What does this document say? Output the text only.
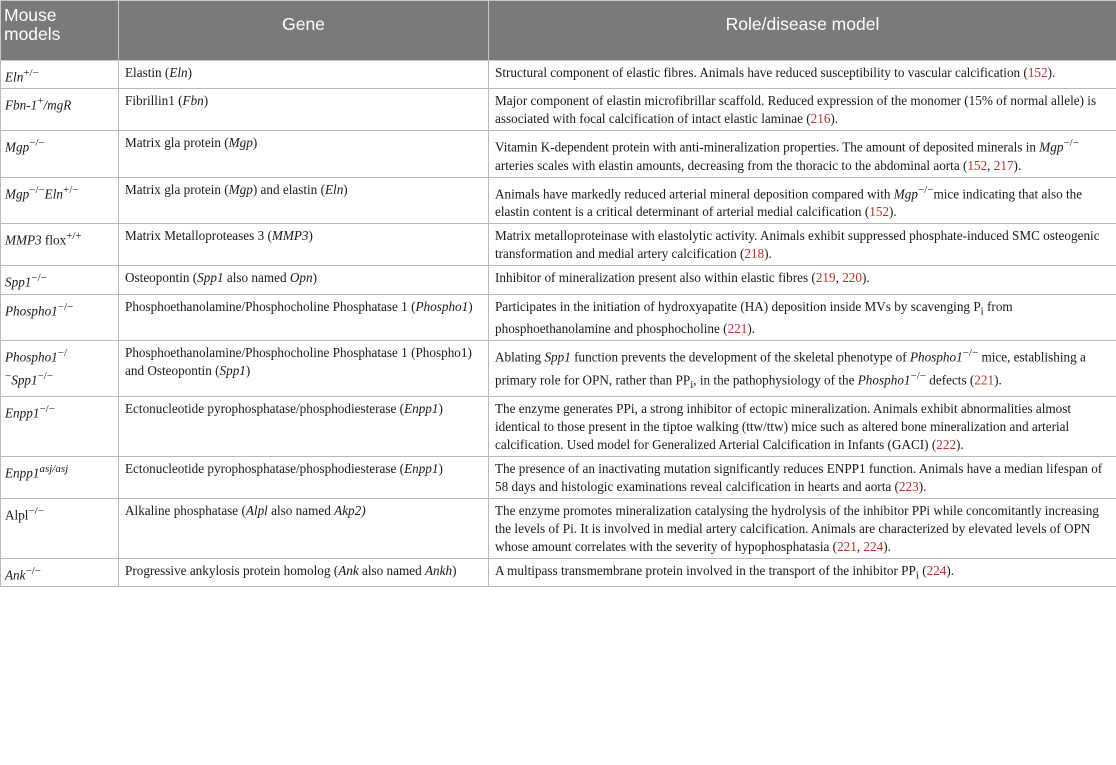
Mouse models	Gene	Role/disease model

Eln+/−	Elastin (Eln)	Structural component of elastic fibres. Animals have reduced susceptibility to vascular calcification (152).
Fbn-1+/mgR	Fibrillin1 (Fbn)	Major component of elastin microfibrillar scaffold. Reduced expression of the monomer (15% of normal allele) is associated with focal calcification of intact elastic laminae (216).
Mgp−/−	Matrix gla protein (Mgp)	Vitamin K-dependent protein with anti-mineralization properties. The amount of deposited minerals in Mgp−/− arteries scales with elastin amounts, decreasing from the thoracic to the abdominal aorta (152, 217).
Mgp−/−Eln+/−	Matrix gla protein (Mgp) and elastin (Eln)	Animals have markedly reduced arterial mineral deposition compared with Mgp−/−mice indicating that also the elastin content is a critical determinant of arterial medial calcification (152).
MMP3 flox+/+	Matrix Metalloproteases 3 (MMP3)	Matrix metalloproteinase with elastolytic activity. Animals exhibit suppressed phosphate-induced SMC osteogenic transformation and medial artery calcification (218).
Spp1−/−	Osteopontin (Spp1 also named Opn)	Inhibitor of mineralization present also within elastic fibres (219, 220).
Phospho1−/−	Phosphoethanolamine/Phosphocholine Phosphatase 1 (Phospho1)	Participates in the initiation of hydroxyapatite (HA) deposition inside MVs by scavenging $P_i$ from phosphoethanolamine and phosphocholine (221).
Phospho1−/
−Spp1−/−	Phosphoethanolamine/Phosphocholine Phosphatase 1 (Phospho1) and Osteopontin (Spp1)	Ablating Spp1 function prevents the development of the skeletal phenotype of Phospho1−/− mice, establishing a primary role for OPN, rather than $PP_i$, in the pathophysiology of the Phospho1−/− defects (221).
Enpp1−/−	Ectonucleotide pyrophosphatase/phosphodiesterase (Enpp1)	The enzyme generates PPi, a strong inhibitor of ectopic mineralization. Animals exhibit abnormalities almost identical to those present in the tiptoe walking (ttw/ttw) mice such as altered bone mineralization and arterial calcification. Used model for Generalized Arterial Calcification in Infants (GACI) (222).
$Enpp1^{asj/asj}$	Ectonucleotide pyrophosphatase/phosphodiesterase (Enpp1)	The presence of an inactivating mutation significantly reduces ENPP1 function. Animals have a median lifespan of 58 days and histologic examinations reveal calcification in hearts and aorta (223).
Alpl−/−	Alkaline phosphatase (Alpl also named Akp2)	The enzyme promotes mineralization catalysing the hydrolysis of the inhibitor PPi while concomitantly increasing the levels of Pi. It is involved in medial artery calcification. Animals are characterized by elevated levels of OPN whose amount correlates with the severity of hypophosphatasia (221, 224).
Ank−/−	Progressive ankylosis protein homolog (Ank also named Ankh)	A multipass transmembrane protein involved in the transport of the inhibitor $PP_i$ (224).
